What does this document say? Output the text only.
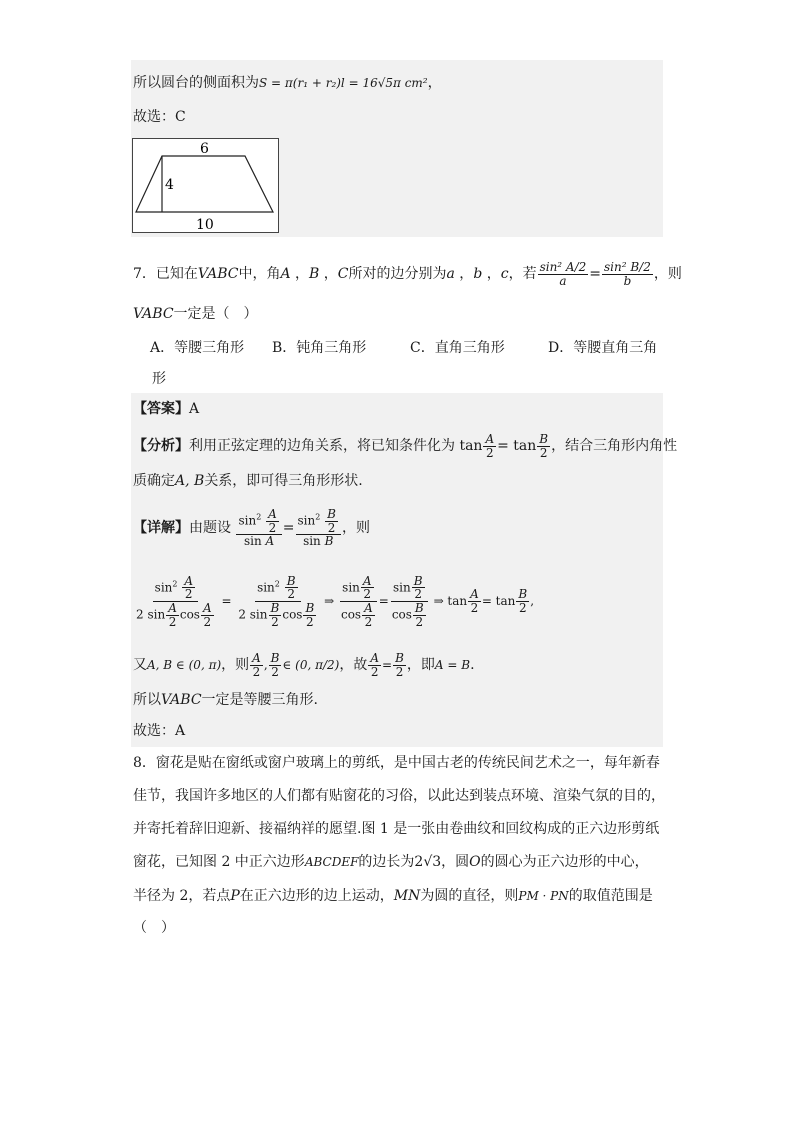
所以圆台的侧面积为S = π(r₁ + r₂)l = 16√5π cm²，
故选：C
6
4
10
7．已知在VABC中，角A ，B ，C所对的边分别为a ，b ，c，若 $\frac{\text{sin² A/2}}{a} = \frac{\text{sin² B/2}}{b}$ ，则
VABC一定是（　）
A．等腰三角形 B．钝角三角形	C．直角三角形	D．等腰直角三角
形
【答案】A
【分析】利用正弦定理的边角关系，将已知条件化为 $\tan \frac{A}{2} = \tan \frac{B}{2}$ ，结合三角形内角性
质确定A, B关系，即可得三角形形状.
【详解】由题设 $\frac{\sin^2 \frac{A}{2}}{\text{sin A}} = \frac{\sin^2 \frac{B}{2}}{\text{sin B}}$ ，则
$\frac{\sin^2 \frac{A}{2}}{2 \sin \frac{A}{2} \cos \frac{A}{2}} = \frac{\sin^2 \frac{B}{2}}{2 \sin \frac{B}{2} \cos \frac{B}{2}}$ ⇒ $\frac{\sin \frac{A}{2}}{\cos \frac{A}{2}} = \frac{\sin \frac{B}{2}}{\cos \frac{B}{2}}$ ⇒ $\tan \frac{A}{2} = \tan \frac{B}{2}$ ,
又A, B ∈ (0, π)，则 $\frac{A}{2}$ , $\frac{B}{2}$ ∈ (0, π/2)，故 $\frac{A}{2} = \frac{B}{2}$ ，即A = B.
所以VABC一定是等腰三角形.
故选：A
8．窗花是贴在窗纸或窗户玻璃上的剪纸，是中国古老的传统民间艺术之一，每年新春
佳节，我国许多地区的人们都有贴窗花的习俗，以此达到装点环境、渲染气氛的目的，
并寄托着辞旧迎新、接福纳祥的愿望.图 1 是一张由卷曲纹和回纹构成的正六边形剪纸
窗花，已知图 2 中正六边形ABCDEF的边长为2√3，圆O的圆心为正六边形的中心，
半径为 2，若点P在正六边形的边上运动，MN为圆的直径，则PM · PN的取值范围是
（　）
